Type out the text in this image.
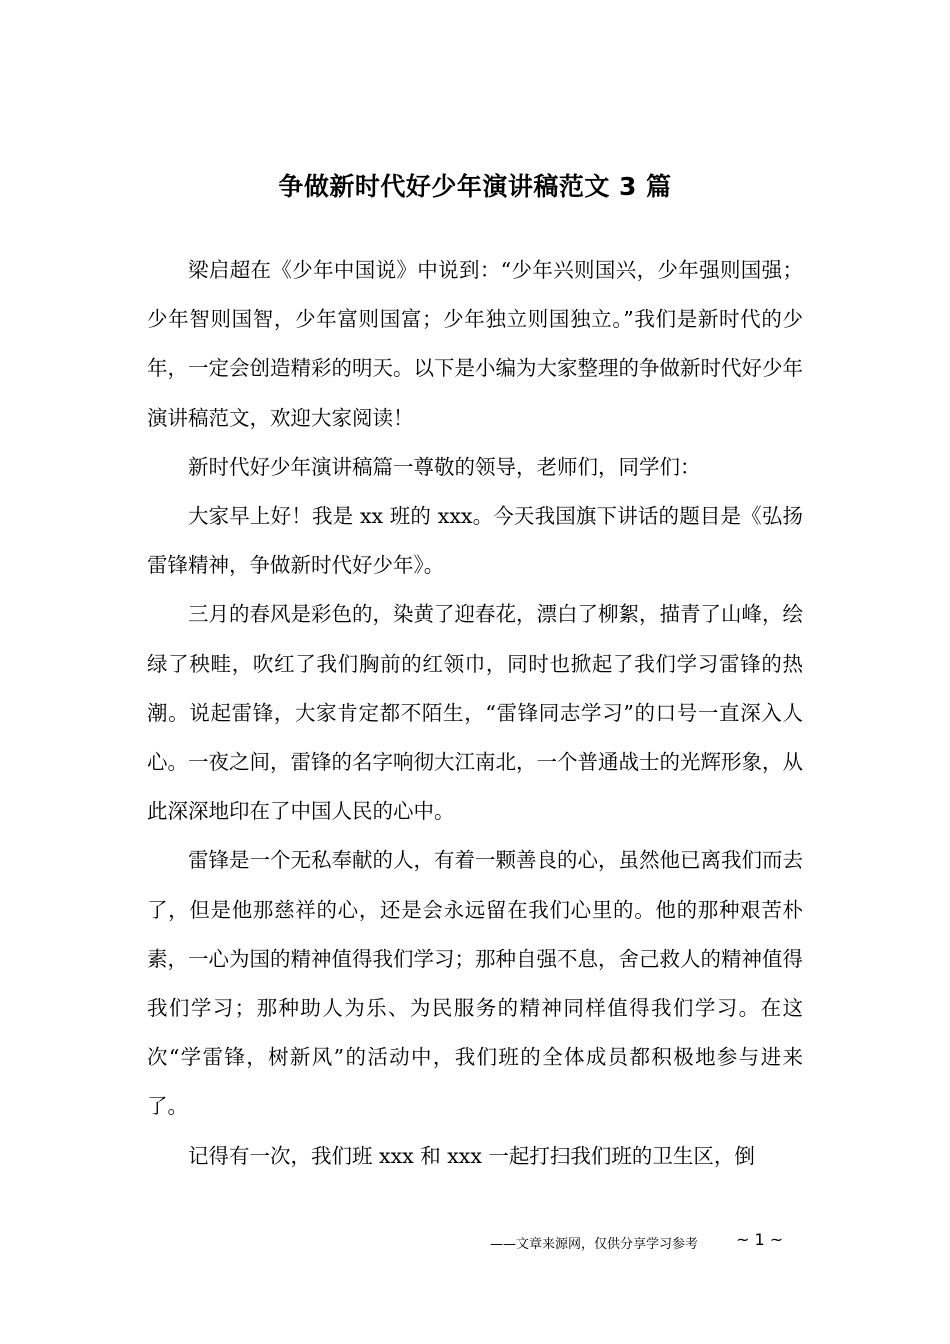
争做新时代好少年演讲稿范文 3 篇

梁启超在《少年中国说》中说到：“少年兴则国兴，少年强则国强；少年智则国智，少年富则国富；少年独立则国独立。”我们是新时代的少年，一定会创造精彩的明天。以下是小编为大家整理的争做新时代好少年演讲稿范文，欢迎大家阅读！

新时代好少年演讲稿篇一尊敬的领导，老师们，同学们：

大家早上好！我是 xx 班的 xxx。今天我国旗下讲话的题目是《弘扬雷锋精神，争做新时代好少年》。

三月的春风是彩色的，染黄了迎春花，漂白了柳絮，描青了山峰，绘绿了秧畦，吹红了我们胸前的红领巾，同时也掀起了我们学习雷锋的热潮。说起雷锋，大家肯定都不陌生，“雷锋同志学习”的口号一直深入人心。一夜之间，雷锋的名字响彻大江南北，一个普通战士的光辉形象，从此深深地印在了中国人民的心中。

雷锋是一个无私奉献的人，有着一颗善良的心，虽然他已离我们而去了，但是他那慈祥的心，还是会永远留在我们心里的。他的那种艰苦朴素，一心为国的精神值得我们学习；那种自强不息，舍己救人的精神值得我们学习；那种助人为乐、为民服务的精神同样值得我们学习。在这次“学雷锋，树新风”的活动中，我们班的全体成员都积极地参与进来了。

记得有一次，我们班 xxx 和 xxx 一起打扫我们班的卫生区，倒

——文章来源网，仅供分享学习参考 ~ 1 ~
